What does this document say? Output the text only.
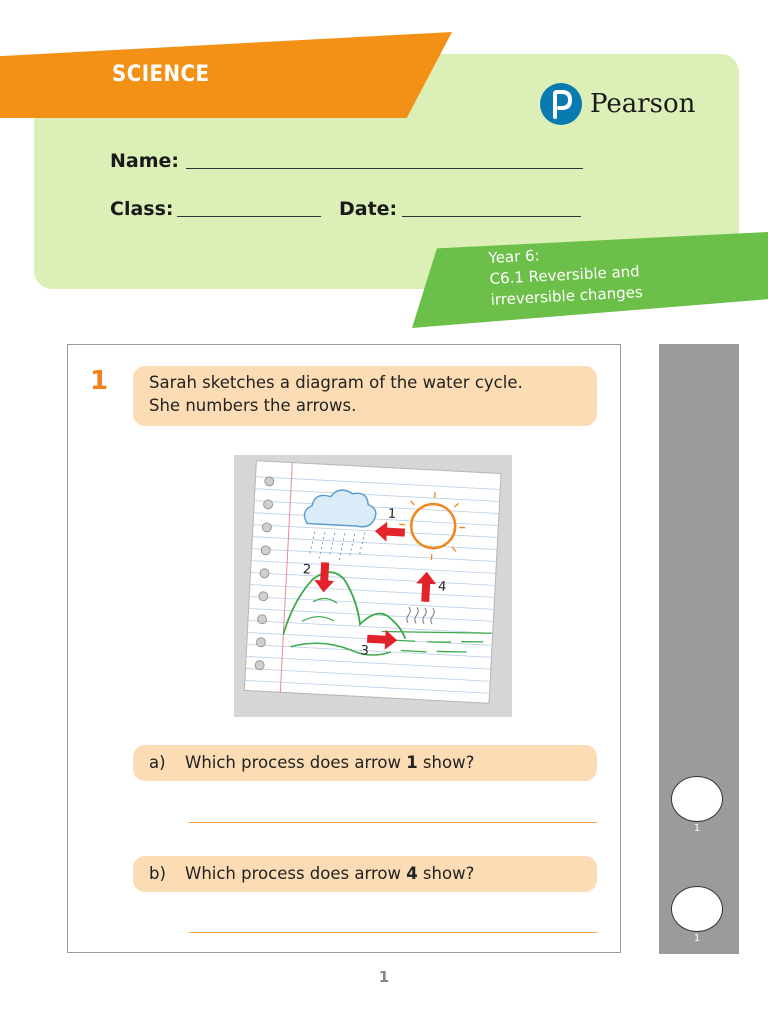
SCIENCE
Pearson
Name:
Class:	Date:
Year 6:
C6.1 Reversible and
irreversible changes
1 Sarah sketches a diagram of the water cycle.
She numbers the arrows.
1
2
3
4
a)	Which process does arrow 1 show?
b)	Which process does arrow 4 show?
1
1
1
